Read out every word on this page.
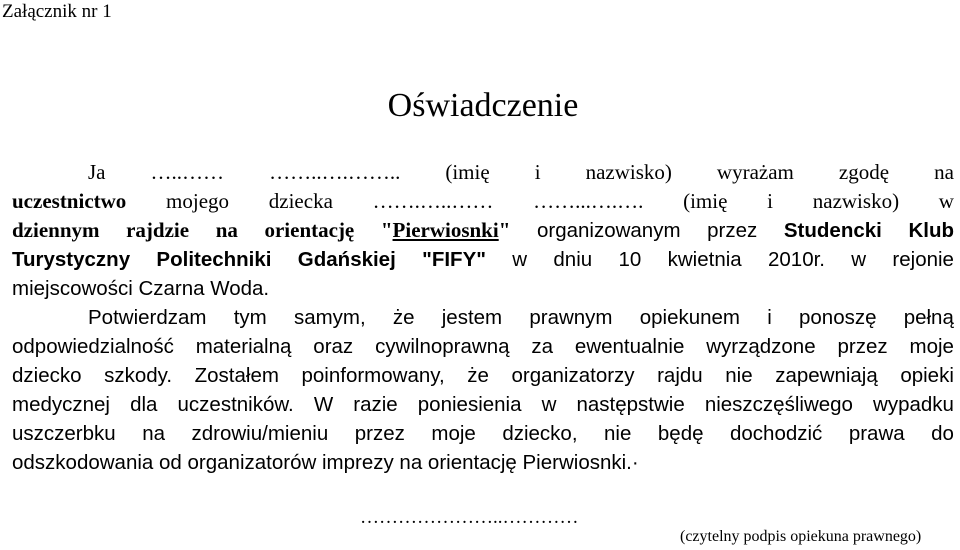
Załącznik nr 1
Oświadczenie
Ja …..…… ……..….…….. (imię i nazwisko) wyrażam zgodę na
uczestnictwo mojego dziecka …….…..…… ……...….…. (imię i nazwisko) w
dziennym rajdzie na orientację "Pierwiosnki" organizowanym przez Studencki Klub
Turystyczny Politechniki Gdańskiej "FIFY" w dniu 10 kwietnia 2010r. w rejonie
miejscowości Czarna Woda.
Potwierdzam tym samym, że jestem prawnym opiekunem i ponoszę pełną
odpowiedzialność materialną oraz cywilnoprawną za ewentualnie wyrządzone przez moje
dziecko szkody. Zostałem poinformowany, że organizatorzy rajdu nie zapewniają opieki
medycznej dla uczestników. W razie poniesienia w następstwie nieszczęśliwego wypadku
uszczerbku na zdrowiu/mieniu przez moje dziecko, nie będę dochodzić prawa do
odszkodowania od organizatorów imprezy na orientację Pierwiosnki.·
…………………..…………
(czytelny podpis opiekuna prawnego)
